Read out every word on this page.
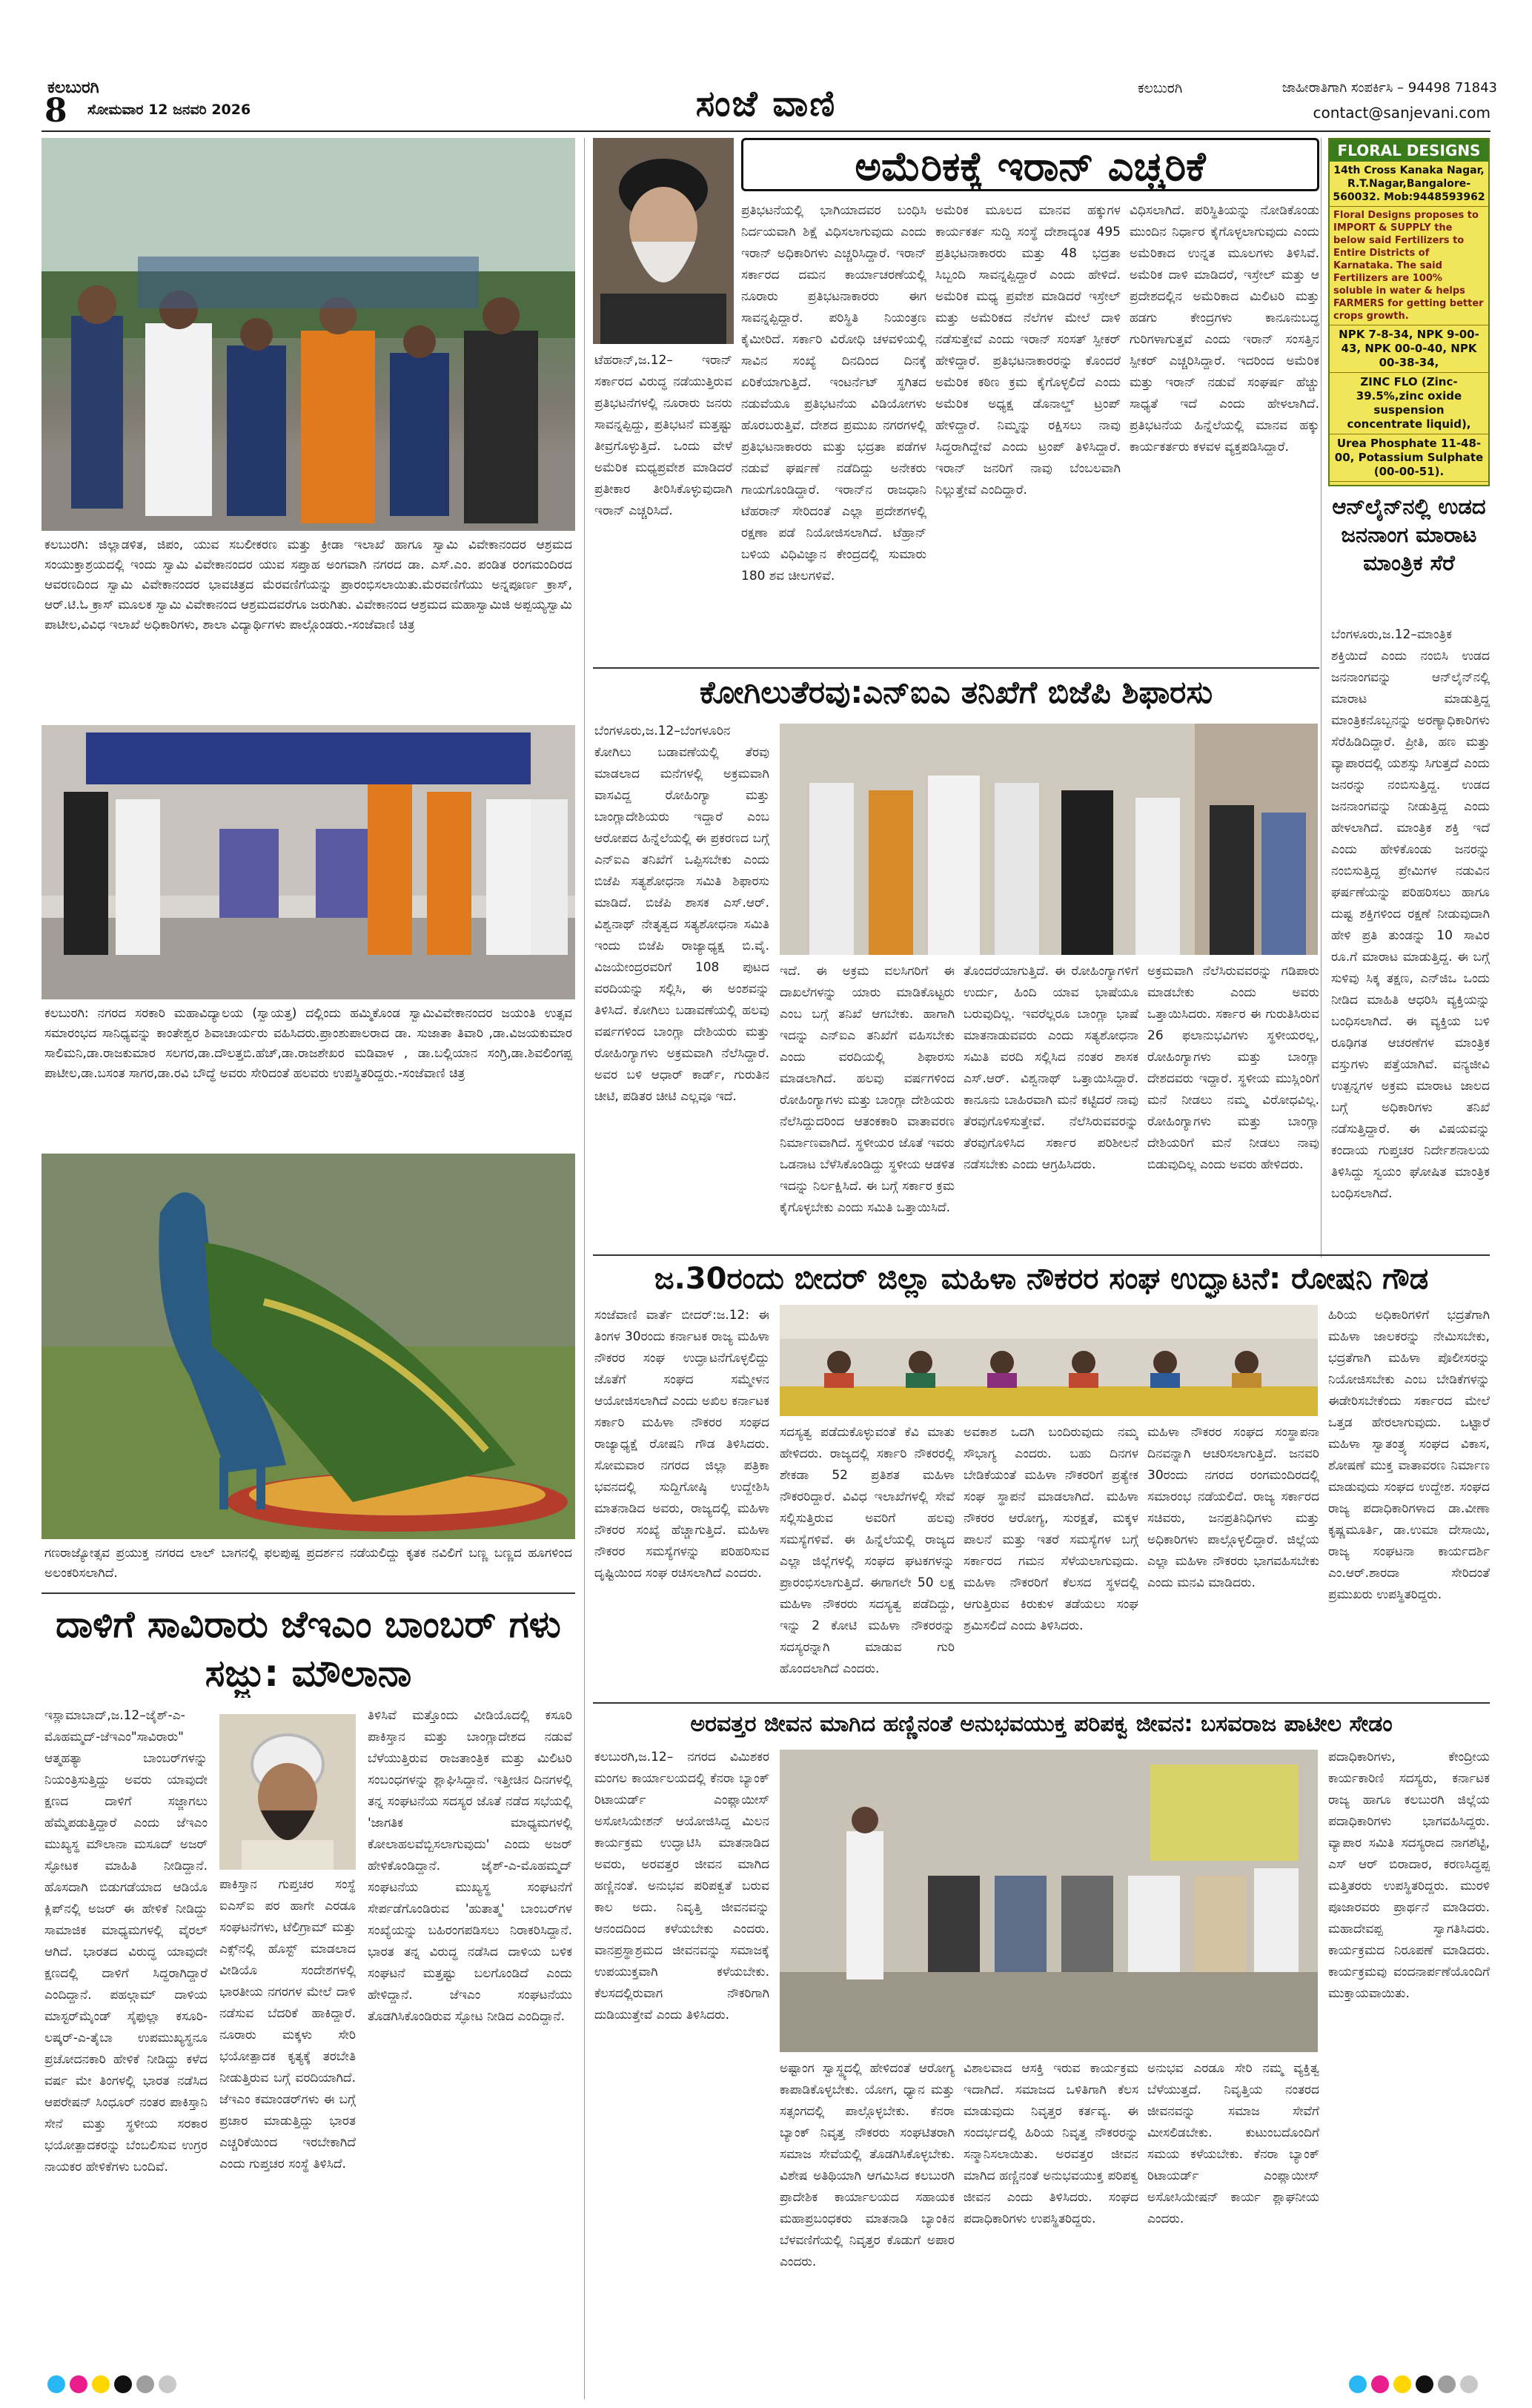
ಕಲಬುರಗಿ
8 ಸೋಮವಾರ 12 ಜನವರಿ 2026	ಸಂಜೆ ವಾಣಿ	ಕಲಬುರಗಿ	ಜಾಹೀರಾತಿಗಾಗಿ ಸಂಪರ್ಕಿಸಿ – 94498 71843
contact@sanjevani.com
ಕಲಬುರಗಿ: ಜಿಲ್ಲಾಡಳಿತ, ಜಿಪಂ, ಯುವ ಸಬಲೀಕರಣ ಮತ್ತು ಕ್ರೀಡಾ ಇಲಾಖೆ ಹಾಗೂ ಸ್ವಾಮಿ ವಿವೇಕಾನಂದರ ಆಶ್ರಮದ ಸಂಯುಕ್ತಾಶ್ರಯದಲ್ಲಿ ಇಂದು ಸ್ವಾಮಿ ವಿವೇಕಾನಂದರ ಯುವ ಸಪ್ತಾಹ ಅಂಗವಾಗಿ ನಗರದ ಡಾ. ಎಸ್.ಎಂ. ಪಂಡಿತ ರಂಗಮಂದಿರದ ಆವರಣದಿಂದ ಸ್ವಾಮಿ ವಿವೇಕಾನಂದರ ಭಾವಚಿತ್ರದ ಮೆರವಣಿಗೆಯನ್ನು ಪ್ರಾರಂಭಿಸಲಾಯಿತು.ಮೆರವಣಿಗೆಯು ಅನ್ನಪೂರ್ಣ ಕ್ರಾಸ್, ಆರ್.ಟಿ.ಓ ಕ್ರಾಸ್ ಮೂಲಕ ಸ್ವಾಮಿ ವಿವೇಕಾನಂದ ಆಶ್ರಮದವರೆಗೂ ಜರುಗಿತು. ವಿವೇಕಾನಂದ ಆಶ್ರಮದ ಮಹಾಸ್ವಾಮಿಜಿ ಅಪ್ಪಯ್ಯಸ್ವಾಮಿ ಪಾಟೀಲ,ವಿವಿಧ ಇಲಾಖೆ ಅಧಿಕಾರಿಗಳು, ಶಾಲಾ ವಿದ್ಯಾರ್ಥಿಗಳು ಪಾಲ್ಗೊಂಡರು.-ಸಂಜೆವಾಣಿ ಚಿತ್ರ
ಕಲಬುರಗಿ: ನಗರದ ಸರಕಾರಿ ಮಹಾವಿದ್ಯಾಲಯ (ಸ್ವಾಯತ್ತ) ದಲ್ಲಿಂದು ಹಮ್ಮಿಕೊಂಡ ಸ್ವಾಮಿವಿವೇಕಾನಂದರ ಜಯಂತಿ ಉತ್ಸವ ಸಮಾರಂಭದ ಸಾನಿಧ್ಯವನ್ನು ಕಾಂತೇಶ್ವರ ಶಿವಾಚಾರ್ಯರು ವಹಿಸಿದರು.ಪ್ರಾಂಶುಪಾಲರಾದ ಡಾ. ಸುಜಾತಾ ತಿವಾರಿ ,ಡಾ.ವಿಜಯಕುಮಾರ ಸಾಲಿಮನಿ,ಡಾ.ರಾಜಕುಮಾರ ಸಲಗರ,ಡಾ.ದೌಲತ್ತಬಿ.ಹೆಚ್,ಡಾ.ರಾಜಶೇಖರ ಮಡಿವಾಳ , ಡಾ.ಬಲ್ಲಿಯಾನ ಸಂಗ್ರಿ,ಡಾ.ಶಿವಲಿಂಗಪ್ಪ ಪಾಟೀಲ,ಡಾ.ಬಸಂತ ಸಾಗರ,ಡಾ.ರವಿ ಬೌದ್ಧೆ ಅವರು ಸೇರಿದಂತೆ ಹಲವರು ಉಪಸ್ಥಿತರಿದ್ದರು.-ಸಂಜೆವಾಣಿ ಚಿತ್ರ
ಗಣರಾಜ್ಯೋತ್ಸವ ಪ್ರಯುಕ್ತ ನಗರದ ಲಾಲ್ ಬಾಗನಲ್ಲಿ ಫಲಪುಷ್ಪ ಪ್ರದರ್ಶನ ನಡೆಯಲಿದ್ದು ಕೃತಕ ನವಿಲಿಗೆ ಬಣ್ಣ ಬಣ್ಣದ ಹೂಗಳಿಂದ ಅಲಂಕರಿಸಲಾಗಿದೆ.
ದಾಳಿಗೆ ಸಾವಿರಾರು ಜೆಇಎಂ ಬಾಂಬರ್ ಗಳು ಸಜ್ಜು: ಮೌಲಾನಾ
ಇಸ್ಲಾಮಾಬಾದ್,ಜ.12–ಜೈಶ್-ಎ-ಮೊಹಮ್ಮದ್-ಜೆಇಎಂ"ಸಾವಿರಾರು" ಆತ್ಮಹತ್ಯಾ ಬಾಂಬರ್‌ಗಳನ್ನು ನಿಯಂತ್ರಿಸುತ್ತಿದ್ದು ಅವರು ಯಾವುದೇ ಕ್ಷಣದ ದಾಳಿಗೆ ಸಜ್ಜಾಗಲು ಹೆಮ್ಮೆಪಡುತ್ತಿದ್ದಾರೆ ಎಂದು ಜೆಇಎಂ ಮುಖ್ಯಸ್ಥ ಮೌಲಾನಾ ಮಸೂದ್ ಅಜರ್ ಸ್ಫೋಟಕ ಮಾಹಿತಿ ನೀಡಿದ್ದಾನೆ. ಹೊಸದಾಗಿ ಬಿಡುಗಡೆಯಾದ ಆಡಿಯೊ ಕ್ಲಿಪ್‌ನಲ್ಲಿ ಅಜರ್ ಈ ಹೇಳಿಕೆ ನೀಡಿದ್ದು ಸಾಮಾಜಿಕ ಮಾಧ್ಯಮಗಳಲ್ಲಿ ವೈರಲ್ ಆಗಿದೆ. ಭಾರತದ ವಿರುದ್ಧ ಯಾವುದೇ ಕ್ಷಣದಲ್ಲಿ ದಾಳಿಗೆ ಸಿದ್ಧರಾಗಿದ್ದಾರೆ ಎಂದಿದ್ದಾನೆ. ಪಹಲ್ಗಾಮ್ ದಾಳಿಯ ಮಾಸ್ಟರ್‌ಮೈಂಡ್ ಸೈಫುಲ್ಲಾ ಕಸೂರಿ-ಲಷ್ಕರ್-ಎ-ತೈಬಾ ಉಪಮುಖ್ಯಸ್ಥನೂ ಪ್ರಚೋದನಕಾರಿ ಹೇಳಿಕೆ ನೀಡಿದ್ದು ಕಳೆದ ವರ್ಷ ಮೇ ತಿಂಗಳಲ್ಲಿ ಭಾರತ ನಡೆಸಿದ ಆಪರೇಷನ್ ಸಿಂಧೂರ್ ನಂತರ ಪಾಕಿಸ್ತಾನಿ ಸೇನೆ ಮತ್ತು ಸ್ಥಳೀಯ ಸರಕಾರ ಭಯೋತ್ಪಾದಕರನ್ನು ಬೆಂಬಲಿಸುವ ಉಗ್ರರ ನಾಯಕರ ಹೇಳಿಕೆಗಳು ಬಂದಿವೆ.
ಪಾಕಿಸ್ತಾನ ಗುಪ್ತಚರ ಸಂಸ್ಥೆ ಐಎಸ್‌ಐ ಪರ ಹಾಗೇ ಎರಡೂ ಸಂಘಟನೆಗಳು, ಟೆಲಿಗ್ರಾಮ್ ಮತ್ತು ಎಕ್ಸ್‌ನಲ್ಲಿ ಹೊಸ್ಟ್ ಮಾಡಲಾದ ವೀಡಿಯೊ ಸಂದೇಶಗಳಲ್ಲಿ ಭಾರತೀಯ ನಗರಗಳ ಮೇಲೆ ದಾಳಿ ನಡೆಸುವ ಬೆದರಿಕೆ ಹಾಕಿದ್ದಾರೆ. ನೂರಾರು ಮಕ್ಕಳು ಸೇರಿ ಭಯೋತ್ಪಾದಕ ಕೃತ್ಯಕ್ಕೆ ತರಬೇತಿ ನೀಡುತ್ತಿರುವ ಬಗ್ಗೆ ವರದಿಯಾಗಿದೆ. ಜೆಇಎಂ ಕಮಾಂಡರ್‌ಗಳು ಈ ಬಗ್ಗೆ ಪ್ರಚಾರ ಮಾಡುತ್ತಿದ್ದು ಭಾರತ ಎಚ್ಚರಿಕೆಯಿಂದ ಇರಬೇಕಾಗಿದೆ ಎಂದು ಗುಪ್ತಚರ ಸಂಸ್ಥೆ ತಿಳಿಸಿದೆ.
ತಿಳಿಸಿವೆ ಮತ್ತೊಂದು ವೀಡಿಯೊದಲ್ಲಿ ಕಸೂರಿ ಪಾಕಿಸ್ತಾನ ಮತ್ತು ಬಾಂಗ್ಲಾದೇಶದ ನಡುವೆ ಬೆಳೆಯುತ್ತಿರುವ ರಾಜತಾಂತ್ರಿಕ ಮತ್ತು ಮಿಲಿಟರಿ ಸಂಬಂಧಗಳನ್ನು ಶ್ಲಾಘಿಸಿದ್ದಾನೆ. ಇತ್ತೀಚಿನ ದಿನಗಳಲ್ಲಿ ತನ್ನ ಸಂಘಟನೆಯ ಸದಸ್ಯರ ಜೊತೆ ನಡೆದ ಸಭೆಯಲ್ಲಿ 'ಜಾಗತಿಕ ಮಾಧ್ಯಮಗಳಲ್ಲಿ ಕೋಲಾಹಲವೆಬ್ಬಿಸಲಾಗುವುದು' ಎಂದು ಅಜರ್ ಹೇಳಿಕೊಂಡಿದ್ದಾನೆ. ಜೈಶ್-ಎ-ಮೊಹಮ್ಮದ್ ಸಂಘಟನೆಯ ಮುಖ್ಯಸ್ಥ ಸಂಘಟನೆಗೆ ಸೇರ್ಪಡೆಗೊಂಡಿರುವ 'ಹುತಾತ್ಮ' ಬಾಂಬರ್‌ಗಳ ಸಂಖ್ಯೆಯನ್ನು ಬಹಿರಂಗಪಡಿಸಲು ನಿರಾಕರಿಸಿದ್ದಾನೆ. ಭಾರತ ತನ್ನ ವಿರುದ್ಧ ನಡೆಸಿದ ದಾಳಿಯ ಬಳಿಕ ಸಂಘಟನೆ ಮತ್ತಷ್ಟು ಬಲಗೊಂಡಿದೆ ಎಂದು ಹೇಳಿದ್ದಾನೆ. ಜೆಇಎಂ ಸಂಘಟನೆಯು ತೊಡಗಿಸಿಕೊಂಡಿರುವ ಸ್ಫೋಟ ನೀಡಿದ ಎಂದಿದ್ದಾನೆ.
ಅಮೆರಿಕಕ್ಕೆ ಇರಾನ್ ಎಚ್ಚರಿಕೆ
ಟೆಹರಾನ್,ಜ.12– ಇರಾನ್ ಸರ್ಕಾರದ ವಿರುದ್ಧ ನಡೆಯುತ್ತಿರುವ ಪ್ರತಿಭಟನೆಗಳಲ್ಲಿ ನೂರಾರು ಜನರು ಸಾವನ್ನಪ್ಪಿದ್ದು, ಪ್ರತಿಭಟನೆ ಮತ್ತಷ್ಟು ತೀವ್ರಗೊಳ್ಳುತ್ತಿದೆ. ಒಂದು ವೇಳೆ ಅಮೆರಿಕ ಮಧ್ಯಪ್ರವೇಶ ಮಾಡಿದರೆ ಪ್ರತೀಕಾರ ತೀರಿಸಿಕೊಳ್ಳುವುದಾಗಿ ಇರಾನ್ ಎಚ್ಚರಿಸಿದೆ.
ಪ್ರತಿಭಟನೆಯಲ್ಲಿ ಭಾಗಿಯಾದವರ ಬಂಧಿಸಿ ನಿರ್ದಯವಾಗಿ ಶಿಕ್ಷೆ ವಿಧಿಸಲಾಗುವುದು ಎಂದು ಇರಾನ್ ಅಧಿಕಾರಿಗಳು ಎಚ್ಚರಿಸಿದ್ದಾರೆ. ಇರಾನ್ ಸರ್ಕಾರದ ದಮನ ಕಾರ್ಯಾಚರಣೆಯಲ್ಲಿ ನೂರಾರು ಪ್ರತಿಭಟನಾಕಾರರು ಈಗ ಸಾವನ್ನಪ್ಪಿದ್ದಾರೆ. ಪರಿಸ್ಥಿತಿ ನಿಯಂತ್ರಣ ಕೈಮೀರಿದೆ. ಸರ್ಕಾರಿ ವಿರೋಧಿ ಚಳವಳಿಯಲ್ಲಿ ಸಾವಿನ ಸಂಖ್ಯೆ ದಿನದಿಂದ ದಿನಕ್ಕೆ ಏರಿಕೆಯಾಗುತ್ತಿದೆ. ಇಂಟರ್ನೆಟ್ ಸ್ಥಗಿತದ ನಡುವೆಯೂ ಪ್ರತಿಭಟನೆಯ ವಿಡಿಯೋಗಳು ಹೊರಬರುತ್ತಿವೆ. ದೇಶದ ಪ್ರಮುಖ ನಗರಗಳಲ್ಲಿ ಪ್ರತಿಭಟನಾಕಾರರು ಮತ್ತು ಭದ್ರತಾ ಪಡೆಗಳ ನಡುವೆ ಘರ್ಷಣೆ ನಡೆದಿದ್ದು ಅನೇಕರು ಗಾಯಗೊಂಡಿದ್ದಾರೆ. ಇರಾನ್‌ನ ರಾಜಧಾನಿ ಟೆಹರಾನ್ ಸೇರಿದಂತೆ ಎಲ್ಲಾ ಪ್ರದೇಶಗಳಲ್ಲಿ ರಕ್ಷಣಾ ಪಡೆ ನಿಯೋಜಿಸಲಾಗಿದೆ. ಟೆಹ್ರಾನ್ ಬಳಿಯ ವಿಧಿವಿಜ್ಞಾನ ಕೇಂದ್ರದಲ್ಲಿ ಸುಮಾರು 180 ಶವ ಚೀಲಗಳಿವೆ.
ಅಮೆರಿಕ ಮೂಲದ ಮಾನವ ಹಕ್ಕುಗಳ ಕಾರ್ಯಕರ್ತ ಸುದ್ದಿ ಸಂಸ್ಥೆ ದೇಶಾದ್ಯಂತ 495 ಪ್ರತಿಭಟನಾಕಾರರು ಮತ್ತು 48 ಭದ್ರತಾ ಸಿಬ್ಬಂದಿ ಸಾವನ್ನಪ್ಪಿದ್ದಾರೆ ಎಂದು ಹೇಳಿದೆ. ಅಮೆರಿಕ ಮಧ್ಯ ಪ್ರವೇಶ ಮಾಡಿದರೆ ಇಸ್ರೇಲ್ ಮತ್ತು ಅಮೆರಿಕದ ನೆಲೆಗಳ ಮೇಲೆ ದಾಳಿ ನಡೆಸುತ್ತೇವೆ ಎಂದು ಇರಾನ್ ಸಂಸತ್ ಸ್ಪೀಕರ್ ಹೇಳಿದ್ದಾರೆ. ಪ್ರತಿಭಟನಾಕಾರರನ್ನು ಕೊಂದರೆ ಅಮೆರಿಕ ಕಠಿಣ ಕ್ರಮ ಕೈಗೊಳ್ಳಲಿದೆ ಎಂದು ಅಮೆರಿಕ ಅಧ್ಯಕ್ಷ ಡೊನಾಲ್ಡ್ ಟ್ರಂಪ್ ಹೇಳಿದ್ದಾರೆ. ನಿಮ್ಮನ್ನು ರಕ್ಷಿಸಲು ನಾವು ಸಿದ್ಧರಾಗಿದ್ದೇವೆ ಎಂದು ಟ್ರಂಪ್ ತಿಳಿಸಿದ್ದಾರೆ. ಇರಾನ್ ಜನರಿಗೆ ನಾವು ಬೆಂಬಲವಾಗಿ ನಿಲ್ಲುತ್ತೇವೆ ಎಂದಿದ್ದಾರೆ.
ವಿಧಿಸಲಾಗಿದೆ. ಪರಿಸ್ಥಿತಿಯನ್ನು ನೋಡಿಕೊಂಡು ಮುಂದಿನ ನಿರ್ಧಾರ ಕೈಗೊಳ್ಳಲಾಗುವುದು ಎಂದು ಅಮೆರಿಕಾದ ಉನ್ನತ ಮೂಲಗಳು ತಿಳಿಸಿವೆ. ಅಮೆರಿಕ ದಾಳಿ ಮಾಡಿದರೆ, ಇಸ್ರೇಲ್ ಮತ್ತು ಆ ಪ್ರದೇಶದಲ್ಲಿನ ಅಮೆರಿಕಾದ ಮಿಲಿಟರಿ ಮತ್ತು ಹಡಗು ಕೇಂದ್ರಗಳು ಕಾನೂನುಬದ್ಧ ಗುರಿಗಳಾಗುತ್ತವೆ ಎಂದು ಇರಾನ್ ಸಂಸತ್ತಿನ ಸ್ಪೀಕರ್ ಎಚ್ಚರಿಸಿದ್ದಾರೆ. ಇದರಿಂದ ಅಮೆರಿಕ ಮತ್ತು ಇರಾನ್ ನಡುವೆ ಸಂಘರ್ಷ ಹೆಚ್ಚು ಸಾಧ್ಯತೆ ಇದೆ ಎಂದು ಹೇಳಲಾಗಿದೆ. ಪ್ರತಿಭಟನೆಯ ಹಿನ್ನೆಲೆಯಲ್ಲಿ ಮಾನವ ಹಕ್ಕು ಕಾರ್ಯಕರ್ತರು ಕಳವಳ ವ್ಯಕ್ತಪಡಿಸಿದ್ದಾರೆ.
FLORAL DESIGNS
14th Cross Kanaka Nagar, R.T.Nagar,Bangalore-560032. Mob:9448593962
Floral Designs proposes to IMPORT & SUPPLY the below said Fertilizers to Entire Districts of Karnataka. The said Fertilizers are 100% soluble in water & helps FARMERS for getting better crops growth.
NPK 7-8-34, NPK 9-00-43, NPK 00-0-40, NPK 00-38-34,
ZINC FLO (Zinc-39.5%,zinc oxide suspension concentrate liquid),
Urea Phosphate 11-48-00, Potassium Sulphate (00-00-51).
ಆನ್‌ಲೈನ್‌ನಲ್ಲಿ ಉಡದ ಜನನಾಂಗ ಮಾರಾಟ ಮಾಂತ್ರಿಕ ಸೆರೆ
ಬೆಂಗಳೂರು,ಜ.12–ಮಾಂತ್ರಿಕ ಶಕ್ತಿಯಿದೆ ಎಂದು ನಂಬಿಸಿ ಉಡದ ಜನನಾಂಗವನ್ನು ಆನ್‌ಲೈನ್‌ನಲ್ಲಿ ಮಾರಾಟ ಮಾಡುತ್ತಿದ್ದ ಮಾಂತ್ರಿಕನೊಬ್ಬನನ್ನು ಅರಣ್ಯಾಧಿಕಾರಿಗಳು ಸೆರೆಹಿಡಿದಿದ್ದಾರೆ. ಪ್ರೀತಿ, ಹಣ ಮತ್ತು ವ್ಯಾಪಾರದಲ್ಲಿ ಯಶಸ್ಸು ಸಿಗುತ್ತದೆ ಎಂದು ಜನರನ್ನು ನಂಬಿಸುತ್ತಿದ್ದ. ಉಡದ ಜನನಾಂಗವನ್ನು ನೀಡುತ್ತಿದ್ದ ಎಂದು ಹೇಳಲಾಗಿದೆ. ಮಾಂತ್ರಿಕ ಶಕ್ತಿ ಇದೆ ಎಂದು ಹೇಳಿಕೊಂಡು ಜನರನ್ನು ನಂಬಿಸುತ್ತಿದ್ದ ಪ್ರೇಮಿಗಳ ನಡುವಿನ ಘರ್ಷಣೆಯನ್ನು ಪರಿಹರಿಸಲು ಹಾಗೂ ದುಷ್ಟ ಶಕ್ತಿಗಳಿಂದ ರಕ್ಷಣೆ ನೀಡುವುದಾಗಿ ಹೇಳಿ ಪ್ರತಿ ತುಂಡನ್ನು 10 ಸಾವಿರ ರೂ.ಗೆ ಮಾರಾಟ ಮಾಡುತ್ತಿದ್ದ. ಈ ಬಗ್ಗೆ ಸುಳಿವು ಸಿಕ್ಕ ತಕ್ಷಣ, ಎನ್‌ಜಿಒ ಒಂದು ನೀಡಿದ ಮಾಹಿತಿ ಆಧರಿಸಿ ವ್ಯಕ್ತಿಯನ್ನು ಬಂಧಿಸಲಾಗಿದೆ. ಈ ವ್ಯಕ್ತಿಯ ಬಳಿ ರೂಢಿಗತ ಆಚರಣೆಗಳ ಮಾಂತ್ರಿಕ ವಸ್ತುಗಳು ಪತ್ತೆಯಾಗಿವೆ. ವನ್ಯಜೀವಿ ಉತ್ಪನ್ನಗಳ ಅಕ್ರಮ ಮಾರಾಟ ಜಾಲದ ಬಗ್ಗೆ ಅಧಿಕಾರಿಗಳು ತನಿಖೆ ನಡೆಸುತ್ತಿದ್ದಾರೆ. ಈ ವಿಷಯವನ್ನು ಕಂದಾಯ ಗುಪ್ತಚರ ನಿರ್ದೇಶನಾಲಯ ತಿಳಿಸಿದ್ದು ಸ್ವಯಂ ಘೋಷಿತ ಮಾಂತ್ರಿಕ ಬಂಧಿಸಲಾಗಿದೆ.
ಕೋಗಿಲುತೆರವು:ಎನ್‌ಐಎ ತನಿಖೆಗೆ ಬಿಜೆಪಿ ಶಿಫಾರಸು
ಬೆಂಗಳೂರು,ಜ.12–ಬೆಂಗಳೂರಿನ ಕೋಗಿಲು ಬಡಾವಣೆಯಲ್ಲಿ ತೆರವು ಮಾಡಲಾದ ಮನೆಗಳಲ್ಲಿ ಅಕ್ರಮವಾಗಿ ವಾಸವಿದ್ದ ರೋಹಿಂಗ್ಯಾ ಮತ್ತು ಬಾಂಗ್ಲಾದೇಶಿಯರು ಇದ್ದಾರೆ ಎಂಬ ಆರೋಪದ ಹಿನ್ನೆಲೆಯಲ್ಲಿ ಈ ಪ್ರಕರಣದ ಬಗ್ಗೆ ಎನ್‌ಐಎ ತನಿಖೆಗೆ ಒಪ್ಪಿಸಬೇಕು ಎಂದು ಬಿಜೆಪಿ ಸತ್ಯಶೋಧನಾ ಸಮಿತಿ ಶಿಫಾರಸು ಮಾಡಿದೆ. ಬಿಜೆಪಿ ಶಾಸಕ ಎಸ್.ಆರ್. ವಿಶ್ವನಾಥ್ ನೇತೃತ್ವದ ಸತ್ಯಶೋಧನಾ ಸಮಿತಿ ಇಂದು ಬಿಜೆಪಿ ರಾಜ್ಯಾಧ್ಯಕ್ಷ ಬಿ.ವೈ. ವಿಜಯೇಂದ್ರರವರಿಗೆ 108 ಪುಟದ ವರದಿಯನ್ನು ಸಲ್ಲಿಸಿ, ಈ ಅಂಶವನ್ನು ತಿಳಿಸಿದೆ. ಕೋಗಿಲು ಬಡಾವಣೆಯಲ್ಲಿ ಹಲವು ವರ್ಷಗಳಿಂದ ಬಾಂಗ್ಲಾ ದೇಶಿಯರು ಮತ್ತು ರೋಹಿಂಗ್ಯಾಗಳು ಅಕ್ರಮವಾಗಿ ನೆಲೆಸಿದ್ದಾರೆ. ಅವರ ಬಳಿ ಆಧಾರ್ ಕಾರ್ಡ್, ಗುರುತಿನ ಚೀಟಿ, ಪಡಿತರ ಚೀಟಿ ಎಲ್ಲವೂ ಇದೆ.
ಇದೆ. ಈ ಅಕ್ರಮ ವಲಸಿಗರಿಗೆ ಈ ದಾಖಲೆಗಳನ್ನು ಯಾರು ಮಾಡಿಕೊಟ್ಟರು ಎಂಬ ಬಗ್ಗೆ ತನಿಖೆ ಆಗಬೇಕು. ಹಾಗಾಗಿ ಇದನ್ನು ಎನ್‌ಐಎ ತನಿಖೆಗೆ ವಹಿಸಬೇಕು ಎಂದು ವರದಿಯಲ್ಲಿ ಶಿಫಾರಸು ಮಾಡಲಾಗಿದೆ. ಹಲವು ವರ್ಷಗಳಿಂದ ರೋಹಿಂಗ್ಯಾಗಳು ಮತ್ತು ಬಾಂಗ್ಲಾ ದೇಶಿಯರು ನೆಲೆಸಿದ್ದುದರಿಂದ ಆತಂಕಕಾರಿ ವಾತಾವರಣ ನಿರ್ಮಾಣವಾಗಿದೆ. ಸ್ಥಳೀಯರ ಜೊತೆ ಇವರು ಒಡನಾಟ ಬೆಳೆಸಿಕೊಂಡಿದ್ದು ಸ್ಥಳೀಯ ಆಡಳಿತ ಇದನ್ನು ನಿರ್ಲಕ್ಷಿಸಿದೆ. ಈ ಬಗ್ಗೆ ಸರ್ಕಾರ ಕ್ರಮ ಕೈಗೊಳ್ಳಬೇಕು ಎಂದು ಸಮಿತಿ ಒತ್ತಾಯಿಸಿದೆ.
ತೊಂದರೆಯಾಗುತ್ತಿದೆ. ಈ ರೋಹಿಂಗ್ಯಾಗಳಿಗೆ ಉರ್ದು, ಹಿಂದಿ ಯಾವ ಭಾಷೆಯೂ ಬರುವುದಿಲ್ಲ. ಇವರೆಲ್ಲರೂ ಬಾಂಗ್ಲಾ ಭಾಷೆ ಮಾತನಾಡುವವರು ಎಂದು ಸತ್ಯಶೋಧನಾ ಸಮಿತಿ ವರದಿ ಸಲ್ಲಿಸಿದ ನಂತರ ಶಾಸಕ ಎಸ್.ಆರ್. ವಿಶ್ವನಾಥ್ ಒತ್ತಾಯಿಸಿದ್ದಾರೆ. ಕಾನೂನು ಬಾಹಿರವಾಗಿ ಮನೆ ಕಟ್ಟಿದರೆ ನಾವು ತೆರವುಗೊಳಿಸುತ್ತೇವೆ. ನೆಲೆಸಿರುವವರನ್ನು ತೆರವುಗೊಳಿಸಿದ ಸರ್ಕಾರ ಪರಿಶೀಲನೆ ನಡೆಸಬೇಕು ಎಂದು ಆಗ್ರಹಿಸಿದರು.
ಅಕ್ರಮವಾಗಿ ನೆಲೆಸಿರುವವರನ್ನು ಗಡಿಪಾರು ಮಾಡಬೇಕು ಎಂದು ಅವರು ಒತ್ತಾಯಿಸಿದರು. ಸರ್ಕಾರ ಈ ಗುರುತಿಸಿರುವ 26 ಫಲಾನುಭವಿಗಳು ಸ್ಥಳೀಯರಲ್ಲ, ರೋಹಿಂಗ್ಯಾಗಳು ಮತ್ತು ಬಾಂಗ್ಲಾ ದೇಶದವರು ಇದ್ದಾರೆ. ಸ್ಥಳೀಯ ಮುಸ್ಲಿಂರಿಗೆ ಮನೆ ನೀಡಲು ನಮ್ಮ ವಿರೋಧವಿಲ್ಲ. ರೋಹಿಂಗ್ಯಾಗಳು ಮತ್ತು ಬಾಂಗ್ಲಾ ದೇಶಿಯರಿಗೆ ಮನೆ ನೀಡಲು ನಾವು ಬಿಡುವುದಿಲ್ಲ ಎಂದು ಅವರು ಹೇಳಿದರು.
ಜ.30ರಂದು ಬೀದರ್ ಜಿಲ್ಲಾ ಮಹಿಳಾ ನೌಕರರ ಸಂಘ ಉದ್ಘಾಟನೆ: ರೋಷನಿ ಗೌಡ
ಸಂಜೆವಾಣಿ ವಾರ್ತೆ ಬೀದರ್:ಜ.12: ಈ ತಿಂಗಳ 30ರಂದು ಕರ್ನಾಟಕ ರಾಜ್ಯ ಮಹಿಳಾ ನೌಕರರ ಸಂಘ ಉದ್ಘಾಟನೆಗೊಳ್ಳಲಿದ್ದು ಜೊತೆಗೆ ಸಂಘದ ಸಮ್ಮೇಳನ ಆಯೋಜಿಸಲಾಗಿದೆ ಎಂದು ಅಖಿಲ ಕರ್ನಾಟಕ ಸರ್ಕಾರಿ ಮಹಿಳಾ ನೌಕರರ ಸಂಘದ ರಾಜ್ಯಾಧ್ಯಕ್ಷೆ ರೋಷನಿ ಗೌಡ ತಿಳಿಸಿದರು. ಸೋಮವಾರ ನಗರದ ಜಿಲ್ಲಾ ಪತ್ರಿಕಾ ಭವನದಲ್ಲಿ ಸುದ್ದಿಗೋಷ್ಠಿ ಉದ್ದೇಶಿಸಿ ಮಾತನಾಡಿದ ಅವರು, ರಾಜ್ಯದಲ್ಲಿ ಮಹಿಳಾ ನೌಕರರ ಸಂಖ್ಯೆ ಹೆಚ್ಚಾಗುತ್ತಿದೆ. ಮಹಿಳಾ ನೌಕರರ ಸಮಸ್ಯೆಗಳನ್ನು ಪರಿಹರಿಸುವ ದೃಷ್ಟಿಯಿಂದ ಸಂಘ ರಚಿಸಲಾಗಿದೆ ಎಂದರು.
ಸದಸ್ಯತ್ವ ಪಡೆದುಕೊಳ್ಳುವಂತೆ ಕೆವಿ ಮಾತು ಹೇಳಿದರು. ರಾಜ್ಯದಲ್ಲಿ ಸರ್ಕಾರಿ ನೌಕರರಲ್ಲಿ ಶೇಕಡಾ 52 ಪ್ರತಿಶತ ಮಹಿಳಾ ನೌಕರರಿದ್ದಾರೆ. ವಿವಿಧ ಇಲಾಖೆಗಳಲ್ಲಿ ಸೇವೆ ಸಲ್ಲಿಸುತ್ತಿರುವ ಅವರಿಗೆ ಹಲವು ಸಮಸ್ಯೆಗಳಿವೆ. ಈ ಹಿನ್ನೆಲೆಯಲ್ಲಿ ರಾಜ್ಯದ ಎಲ್ಲಾ ಜಿಲ್ಲೆಗಳಲ್ಲಿ ಸಂಘದ ಘಟಕಗಳನ್ನು ಪ್ರಾರಂಭಿಸಲಾಗುತ್ತಿದೆ. ಈಗಾಗಲೇ 50 ಲಕ್ಷ ಮಹಿಳಾ ನೌಕರರು ಸದಸ್ಯತ್ವ ಪಡೆದಿದ್ದು, ಇನ್ನು 2 ಕೋಟಿ ಮಹಿಳಾ ನೌಕರರನ್ನು ಸದಸ್ಯರನ್ನಾಗಿ ಮಾಡುವ ಗುರಿ ಹೊಂದಲಾಗಿದೆ ಎಂದರು.
ಅವಕಾಶ ಒದಗಿ ಬಂದಿರುವುದು ನಮ್ಮ ಸೌಭಾಗ್ಯ ಎಂದರು. ಬಹು ದಿನಗಳ ಬೇಡಿಕೆಯಂತೆ ಮಹಿಳಾ ನೌಕರರಿಗೆ ಪ್ರತ್ಯೇಕ ಸಂಘ ಸ್ಥಾಪನೆ ಮಾಡಲಾಗಿದೆ. ಮಹಿಳಾ ನೌಕರರ ಆರೋಗ್ಯ, ಸುರಕ್ಷತೆ, ಮಕ್ಕಳ ಪಾಲನೆ ಮತ್ತು ಇತರೆ ಸಮಸ್ಯೆಗಳ ಬಗ್ಗೆ ಸರ್ಕಾರದ ಗಮನ ಸೆಳೆಯಲಾಗುವುದು. ಮಹಿಳಾ ನೌಕರರಿಗೆ ಕೆಲಸದ ಸ್ಥಳದಲ್ಲಿ ಆಗುತ್ತಿರುವ ಕಿರುಕುಳ ತಡೆಯಲು ಸಂಘ ಶ್ರಮಿಸಲಿದೆ ಎಂದು ತಿಳಿಸಿದರು.
ಮಹಿಳಾ ನೌಕರರ ಸಂಘದ ಸಂಸ್ಥಾಪನಾ ದಿನವನ್ನಾಗಿ ಆಚರಿಸಲಾಗುತ್ತಿದೆ. ಜನವರಿ 30ರಂದು ನಗರದ ರಂಗಮಂದಿರದಲ್ಲಿ ಸಮಾರಂಭ ನಡೆಯಲಿದೆ. ರಾಜ್ಯ ಸರ್ಕಾರದ ಸಚಿವರು, ಜನಪ್ರತಿನಿಧಿಗಳು ಮತ್ತು ಅಧಿಕಾರಿಗಳು ಪಾಲ್ಗೊಳ್ಳಲಿದ್ದಾರೆ. ಜಿಲ್ಲೆಯ ಎಲ್ಲಾ ಮಹಿಳಾ ನೌಕರರು ಭಾಗವಹಿಸಬೇಕು ಎಂದು ಮನವಿ ಮಾಡಿದರು.
ಹಿರಿಯ ಅಧಿಕಾರಿಗಳಿಗೆ ಭದ್ರತೆಗಾಗಿ ಮಹಿಳಾ ಜಾಲಕರನ್ನು ನೇಮಿಸಬೇಕು, ಭದ್ರತೆಗಾಗಿ ಮಹಿಳಾ ಪೊಲೀಸರನ್ನು ನಿಯೋಜಿಸಬೇಕು ಎಂಬ ಬೇಡಿಕೆಗಳನ್ನು ಈಡೇರಿಸಬೇಕೆಂದು ಸರ್ಕಾರದ ಮೇಲೆ ಒತ್ತಡ ಹೇರಲಾಗುವುದು. ಒಟ್ಟಾರೆ ಮಹಿಳಾ ಸ್ವಾತಂತ್ರ್ಯ ಸಂಘದ ವಿಕಾಸ, ಶೋಷಣೆ ಮುಕ್ತ ವಾತಾವರಣ ನಿರ್ಮಾಣ ಮಾಡುವುದು ಸಂಘದ ಉದ್ದೇಶ. ಸಂಘದ ರಾಜ್ಯ ಪದಾಧಿಕಾರಿಗಳಾದ ಡಾ.ವೀಣಾ ಕೃಷ್ಣಮೂರ್ತಿ, ಡಾ.ಉಮಾ ದೇಸಾಯಿ, ರಾಜ್ಯ ಸಂಘಟನಾ ಕಾರ್ಯದರ್ಶಿ ಎಂ.ಆರ್.ಶಾರದಾ ಸೇರಿದಂತೆ ಪ್ರಮುಖರು ಉಪಸ್ಥಿತರಿದ್ದರು.
ಅರವತ್ತರ ಜೀವನ ಮಾಗಿದ ಹಣ್ಣಿನಂತೆ ಅನುಭವಯುಕ್ತ ಪರಿಪಕ್ವ ಜೀವನ: ಬಸವರಾಜ ಪಾಟೀಲ ಸೇಡಂ
ಕಲಬುರಗಿ,ಜ.12– ನಗರದ ವಿಮಿಶಕರ ಮಂಗಲ ಕಾರ್ಯಾಲಯದಲ್ಲಿ ಕೆನರಾ ಬ್ಯಾಂಕ್ ರಿಟಾಯರ್ಡ್ ಎಂಪ್ಲಾಯೀಸ್ ಅಸೋಸಿಯೇಶನ್ ಆಯೋಜಿಸಿದ್ದ ಮಿಲನ ಕಾರ್ಯಕ್ರಮ ಉದ್ಘಾಟಿಸಿ ಮಾತನಾಡಿದ ಅವರು, ಅರವತ್ತರ ಜೀವನ ಮಾಗಿದ ಹಣ್ಣಿನಂತೆ. ಅನುಭವ ಪರಿಪಕ್ವತೆ ಬರುವ ಕಾಲ ಅದು. ನಿವೃತ್ತಿ ಜೀವನವನ್ನು ಆನಂದದಿಂದ ಕಳೆಯಬೇಕು ಎಂದರು. ವಾನಪ್ರಸ್ಥಾಶ್ರಮದ ಜೀವನವನ್ನು ಸಮಾಜಕ್ಕೆ ಉಪಯುಕ್ತವಾಗಿ ಕಳೆಯಬೇಕು. ಕೆಲಸದಲ್ಲಿರುವಾಗ ನೌಕರಿಗಾಗಿ ದುಡಿಯುತ್ತೇವೆ ಎಂದು ತಿಳಿಸಿದರು.
ಅಷ್ಟಾಂಗ ಸ್ವಾಸ್ಥ್ಯದಲ್ಲಿ ಹೇಳಿದಂತೆ ಆರೋಗ್ಯ ಕಾಪಾಡಿಕೊಳ್ಳಬೇಕು. ಯೋಗ, ಧ್ಯಾನ ಮತ್ತು ಸತ್ಸಂಗದಲ್ಲಿ ಪಾಲ್ಗೊಳ್ಳಬೇಕು. ಕೆನರಾ ಬ್ಯಾಂಕ್ ನಿವೃತ್ತ ನೌಕರರು ಸಂಘಟಿತರಾಗಿ ಸಮಾಜ ಸೇವೆಯಲ್ಲಿ ತೊಡಗಿಸಿಕೊಳ್ಳಬೇಕು. ವಿಶೇಷ ಅತಿಥಿಯಾಗಿ ಆಗಮಿಸಿದ ಕಲಬುರಗಿ ಪ್ರಾದೇಶಿಕ ಕಾರ್ಯಾಲಯದ ಸಹಾಯಕ ಮಹಾಪ್ರಬಂಧಕರು ಮಾತನಾಡಿ ಬ್ಯಾಂಕಿನ ಬೆಳವಣಿಗೆಯಲ್ಲಿ ನಿವೃತ್ತರ ಕೊಡುಗೆ ಅಪಾರ ಎಂದರು.
ವಿಶಾಲವಾದ ಆಸಕ್ತಿ ಇರುವ ಕಾರ್ಯಕ್ರಮ ಇದಾಗಿದೆ. ಸಮಾಜದ ಒಳಿತಿಗಾಗಿ ಕೆಲಸ ಮಾಡುವುದು ನಿವೃತ್ತರ ಕರ್ತವ್ಯ. ಈ ಸಂದರ್ಭದಲ್ಲಿ ಹಿರಿಯ ನಿವೃತ್ತ ನೌಕರರನ್ನು ಸನ್ಮಾನಿಸಲಾಯಿತು. ಅರವತ್ತರ ಜೀವನ ಮಾಗಿದ ಹಣ್ಣಿನಂತೆ ಅನುಭವಯುಕ್ತ ಪರಿಪಕ್ವ ಜೀವನ ಎಂದು ತಿಳಿಸಿದರು. ಸಂಘದ ಪದಾಧಿಕಾರಿಗಳು ಉಪಸ್ಥಿತರಿದ್ದರು.
ಅನುಭವ ಎರಡೂ ಸೇರಿ ನಮ್ಮ ವ್ಯಕ್ತಿತ್ವ ಬೆಳೆಯುತ್ತದೆ. ನಿವೃತ್ತಿಯ ನಂತರದ ಜೀವನವನ್ನು ಸಮಾಜ ಸೇವೆಗೆ ಮೀಸಲಿಡಬೇಕು. ಕುಟುಂಬದೊಂದಿಗೆ ಸಮಯ ಕಳೆಯಬೇಕು. ಕೆನರಾ ಬ್ಯಾಂಕ್ ರಿಟಾಯರ್ಡ್ ಎಂಪ್ಲಾಯೀಸ್ ಅಸೋಸಿಯೇಷನ್ ಕಾರ್ಯ ಶ್ಲಾಘನೀಯ ಎಂದರು.
ಪದಾಧಿಕಾರಿಗಳು, ಕೇಂದ್ರೀಯ ಕಾರ್ಯಕಾರಿಣಿ ಸದಸ್ಯರು, ಕರ್ನಾಟಕ ರಾಜ್ಯ ಹಾಗೂ ಕಲಬುರಗಿ ಜಿಲ್ಲೆಯ ಪದಾಧಿಕಾರಿಗಳು ಭಾಗವಹಿಸಿದ್ದರು. ವ್ಯಾಪಾರ ಸಮಿತಿ ಸದಸ್ಯರಾದ ನಾಗಶೆಟ್ಟಿ, ಎಸ್ ಆರ್ ಬಿರಾದಾರ, ಕರಣಸಿದ್ಧಪ್ಪ ಮತ್ತಿತರರು ಉಪಸ್ಥಿತರಿದ್ದರು. ಮುರಳಿ ಪೂಜಾರವರು ಪ್ರಾರ್ಥನೆ ಮಾಡಿದರು. ಮಹಾದೇವಪ್ಪ ಸ್ವಾಗತಿಸಿದರು. ಕಾರ್ಯಕ್ರಮದ ನಿರೂಪಣೆ ಮಾಡಿದರು. ಕಾರ್ಯಕ್ರಮವು ವಂದನಾರ್ಪಣೆಯೊಂದಿಗೆ ಮುಕ್ತಾಯವಾಯಿತು.
